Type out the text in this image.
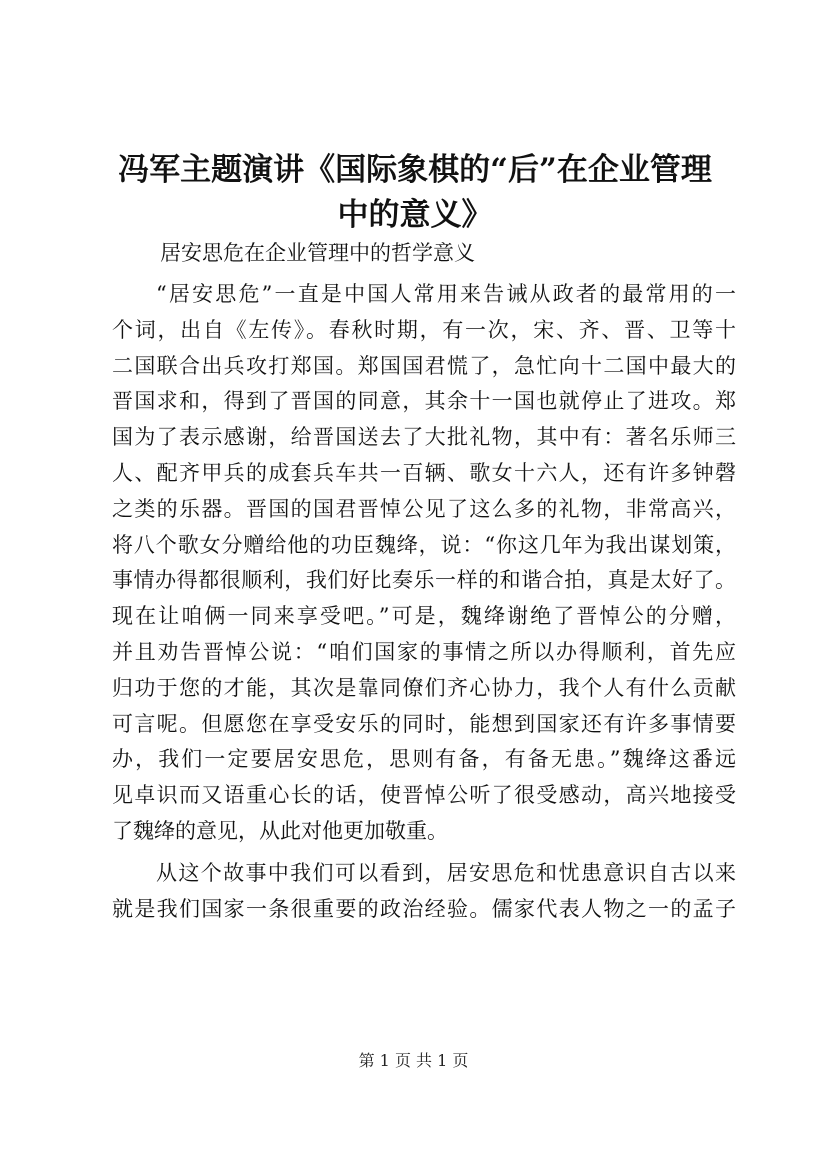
冯军主题演讲《国际象棋的“后”在企业管理
中的意义》
居安思危在企业管理中的哲学意义
“居安思危”一直是中国人常用来告诫从政者的最常用的一
个词，出自《左传》。春秋时期，有一次，宋、齐、晋、卫等十
二国联合出兵攻打郑国。郑国国君慌了，急忙向十二国中最大的
晋国求和，得到了晋国的同意，其余十一国也就停止了进攻。郑
国为了表示感谢，给晋国送去了大批礼物，其中有：著名乐师三
人、配齐甲兵的成套兵车共一百辆、歌女十六人，还有许多钟磬
之类的乐器。晋国的国君晋悼公见了这么多的礼物，非常高兴，
将八个歌女分赠给他的功臣魏绛，说：“你这几年为我出谋划策，
事情办得都很顺利，我们好比奏乐一样的和谐合拍，真是太好了。
现在让咱俩一同来享受吧。”可是，魏绛谢绝了晋悼公的分赠，
并且劝告晋悼公说：“咱们国家的事情之所以办得顺利，首先应
归功于您的才能，其次是靠同僚们齐心协力，我个人有什么贡献
可言呢。但愿您在享受安乐的同时，能想到国家还有许多事情要
办，我们一定要居安思危，思则有备，有备无患。”魏绛这番远
见卓识而又语重心长的话，使晋悼公听了很受感动，高兴地接受
了魏绛的意见，从此对他更加敬重。
从这个故事中我们可以看到，居安思危和忧患意识自古以来
就是我们国家一条很重要的政治经验。儒家代表人物之一的孟子
第 1 页 共 1 页
